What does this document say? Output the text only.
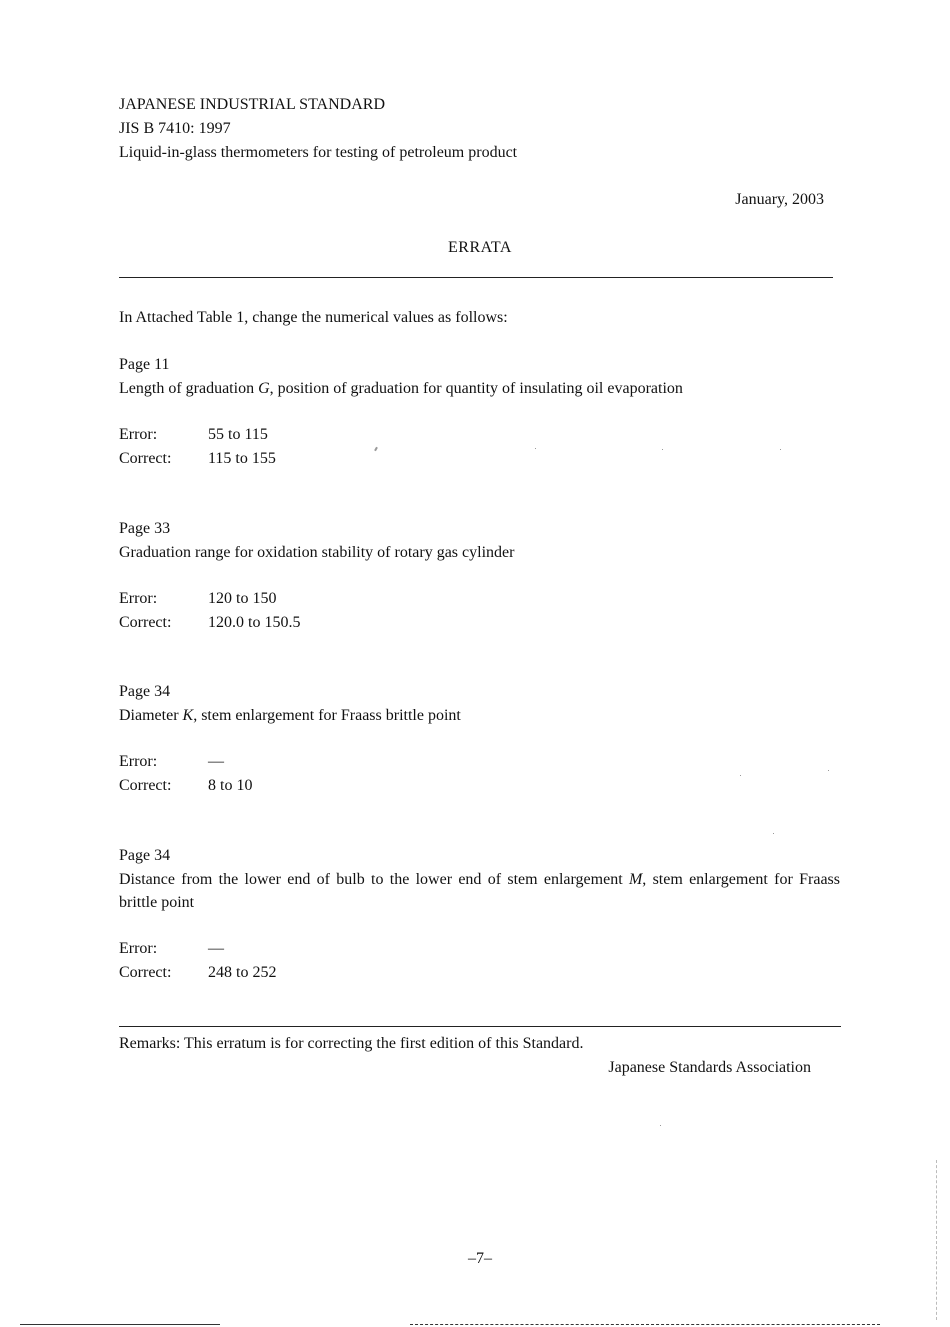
JAPANESE INDUSTRIAL STANDARD
JIS B 7410: 1997
Liquid-in-glass thermometers for testing of petroleum product
January, 2003
ERRATA
In Attached Table 1, change the numerical values as follows:
Page 11
Length of graduation G, position of graduation for quantity of insulating oil evaporation
Error:	55 to 115
Correct:	115 to 155
Page 33
Graduation range for oxidation stability of rotary gas cylinder
Error:	120 to 150
Correct:	120.0 to 150.5
Page 34
Diameter K, stem enlargement for Fraass brittle point
Error:	—
Correct:	8 to 10
Page 34
Distance from the lower end of bulb to the lower end of stem enlargement M, stem enlargement for Fraass brittle point
Error:	—
Correct:	248 to 252
Remarks: This erratum is for correcting the first edition of this Standard.
Japanese Standards Association
–7–
